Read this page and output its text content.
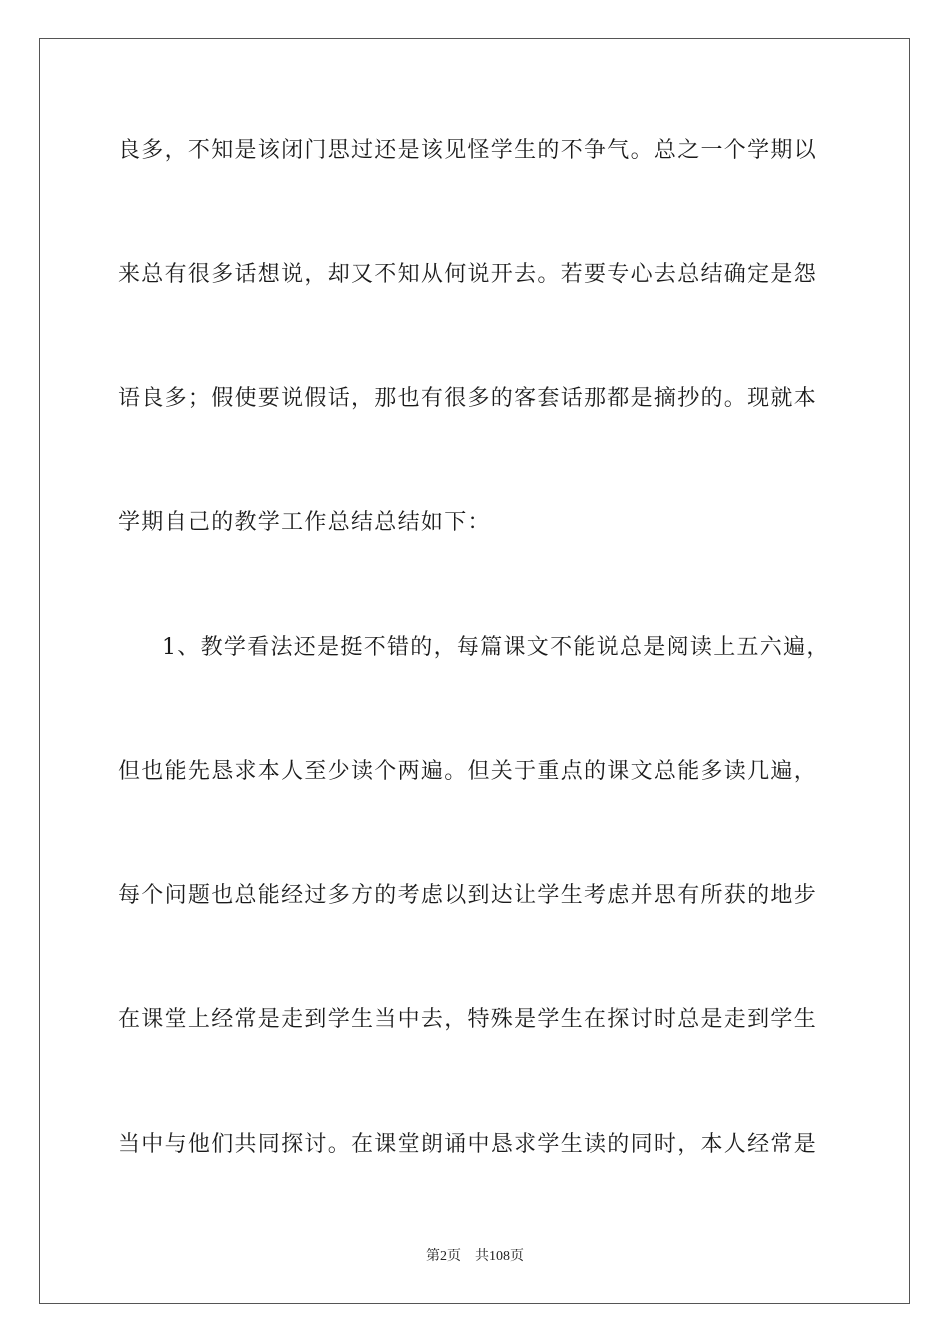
良多，不知是该闭门思过还是该见怪学生的不争气。总之一个学期以
来总有很多话想说，却又不知从何说开去。若要专心去总结确定是怨
语良多；假使要说假话，那也有很多的客套话那都是摘抄的。现就本
学期自己的教学工作总结总结如下：
1、教学看法还是挺不错的，每篇课文不能说总是阅读上五六遍，
但也能先恳求本人至少读个两遍。但关于重点的课文总能多读几遍，
每个问题也总能经过多方的考虑以到达让学生考虑并思有所获的地步
在课堂上经常是走到学生当中去，特殊是学生在探讨时总是走到学生
当中与他们共同探讨。在课堂朗诵中恳求学生读的同时，本人经常是
第2页 共108页
